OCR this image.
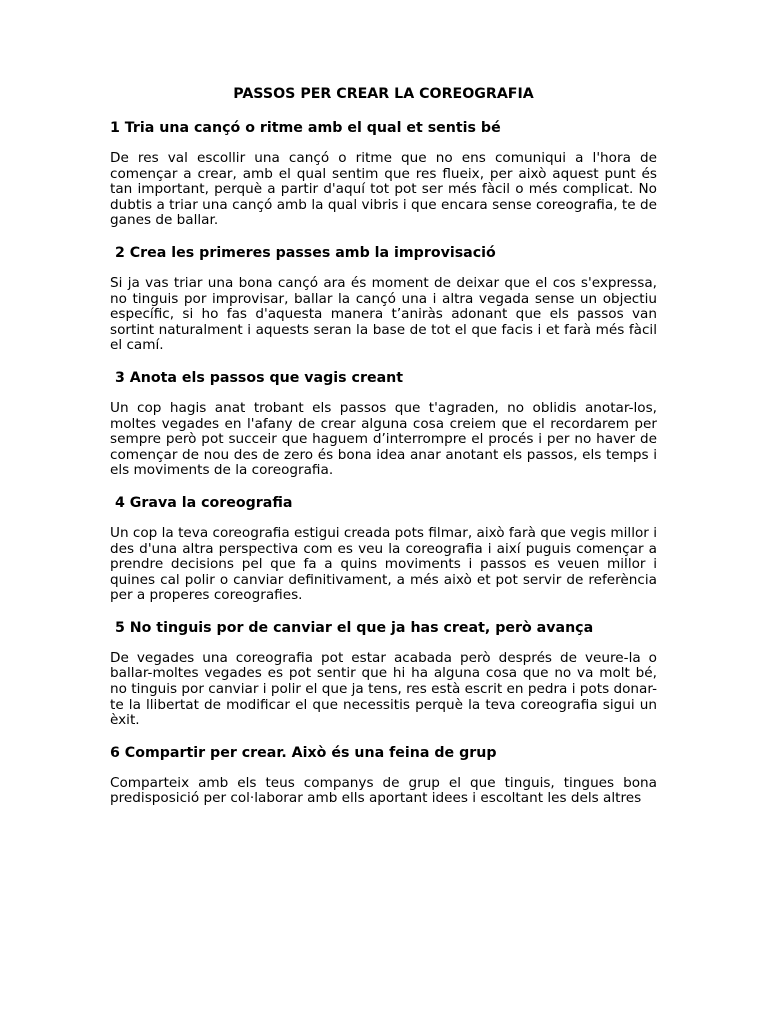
PASSOS PER CREAR LA COREOGRAFIA
1 Tria una cançó o ritme amb el qual et sentis bé

De res val escollir una cançó o ritme que no ens comuniqui a l'hora de començar a crear, amb el qual sentim que res flueix, per això aquest punt és tan important, perquè a partir d'aquí tot pot ser més fàcil o més complicat. No dubtis a triar una cançó amb la qual vibris i que encara sense coreografia, te de ganes de ballar.

2 Crea les primeres passes amb la improvisació

Si ja vas triar una bona cançó ara és moment de deixar que el cos s'expressa, no tinguis por improvisar, ballar la cançó una i altra vegada sense un objectiu específic, si ho fas d'aquesta manera t’aniràs adonant que els passos van sortint naturalment i aquests seran la base de tot el que facis i et farà més fàcil el camí.

3 Anota els passos que vagis creant

Un cop hagis anat trobant els passos que t'agraden, no oblidis anotar-los, moltes vegades en l'afany de crear alguna cosa creiem que el recordarem per sempre però pot succeir que haguem d’interrompre el procés i per no haver de començar de nou des de zero és bona idea anar anotant els passos, els temps i els moviments de la coreografia.

4 Grava la coreografia

Un cop la teva coreografia estigui creada pots filmar, això farà que vegis millor i des d'una altra perspectiva com es veu la coreografia i així puguis començar a prendre decisions pel que fa a quins moviments i passos es veuen millor i quines cal polir o canviar definitivament, a més això et pot servir de referència per a properes coreografies.

5 No tinguis por de canviar el que ja has creat, però avança

De vegades una coreografia pot estar acabada però després de veure-la o ballar-moltes vegades es pot sentir que hi ha alguna cosa que no va molt bé, no tinguis por canviar i polir el que ja tens, res està escrit en pedra i pots donar-te la llibertat de modificar el que necessitis perquè la teva coreografia sigui un èxit.

6 Compartir per crear. Això és una feina de grup

Comparteix amb els teus companys de grup el que tinguis, tingues bona predisposició per col·laborar amb ells aportant idees i escoltant les dels altres
